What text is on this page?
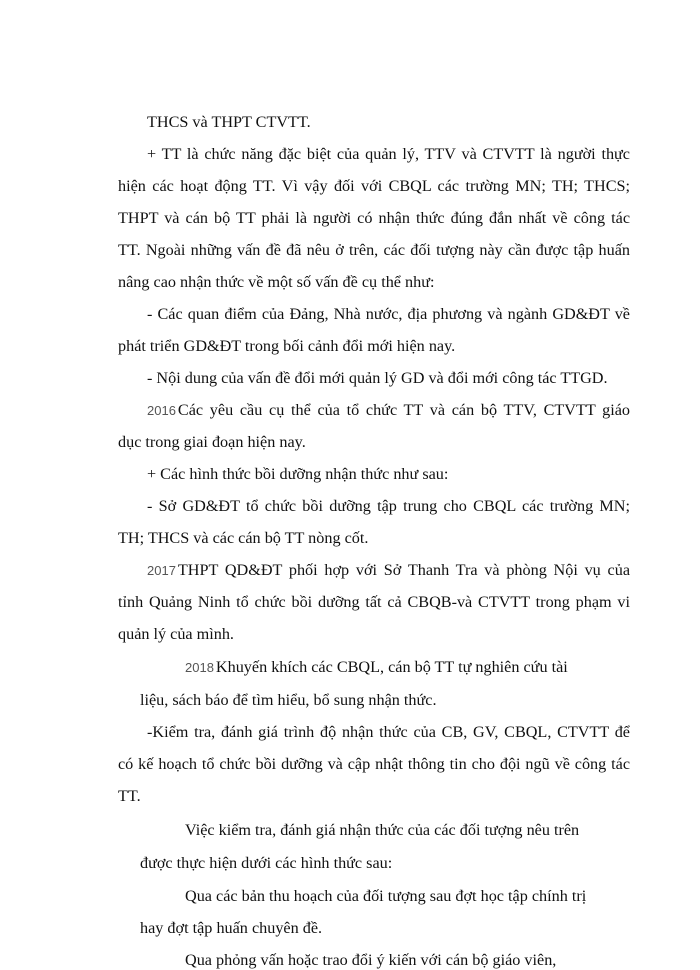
THCS và THPT CTVTT.
+ TT là chức năng đặc biệt của quản lý, TTV và CTVTT là người thực
hiện các hoạt động TT. Vì vậy đối với CBQL các trường MN; TH; THCS;
THPT và cán bộ TT phải là người có nhận thức đúng đắn nhất về công tác
TT. Ngoài những vấn đề đã nêu ở trên, các đối tượng này cần được tập huấn
nâng cao nhận thức về một số vấn đề cụ thể như:
- Các quan điểm của Đảng, Nhà nước, địa phương và ngành GD&ĐT về
phát triển GD&ĐT trong bối cảnh đổi mới hiện nay.
- Nội dung của vấn đề đổi mới quản lý GD và đổi mới công tác TTGD.
2016 Các yêu cầu cụ thể của tổ chức TT và cán bộ TTV, CTVTT giáo
dục trong giai đoạn hiện nay.
+ Các hình thức bồi dưỡng nhận thức như sau:
- Sở GD&ĐT tổ chức bồi dưỡng tập trung cho CBQL các trường MN;
TH; THCS và các cán bộ TT nòng cốt.
2017 THPT QD&ĐT phối hợp với Sở Thanh Tra và phòng Nội vụ của
tỉnh Quảng Ninh tổ chức bồi dưỡng tất cả CBQB-và CTVTT trong phạm vi
quản lý của mình.
2018 Khuyến khích các CBQL, cán bộ TT tự nghiên cứu tài
liệu, sách báo để tìm hiểu, bổ sung nhận thức.
-Kiểm tra, đánh giá trình độ nhận thức của CB, GV, CBQL, CTVTT để
có kế hoạch tổ chức bồi dưỡng và cập nhật thông tin cho đội ngũ về công tác
TT.
Việc kiểm tra, đánh giá nhận thức của các đối tượng nêu trên
được thực hiện dưới các hình thức sau:
Qua các bản thu hoạch của đối tượng sau đợt học tập chính trị
hay đợt tập huấn chuyên đề.
Qua phỏng vấn hoặc trao đổi ý kiến với cán bộ giáo viên,
